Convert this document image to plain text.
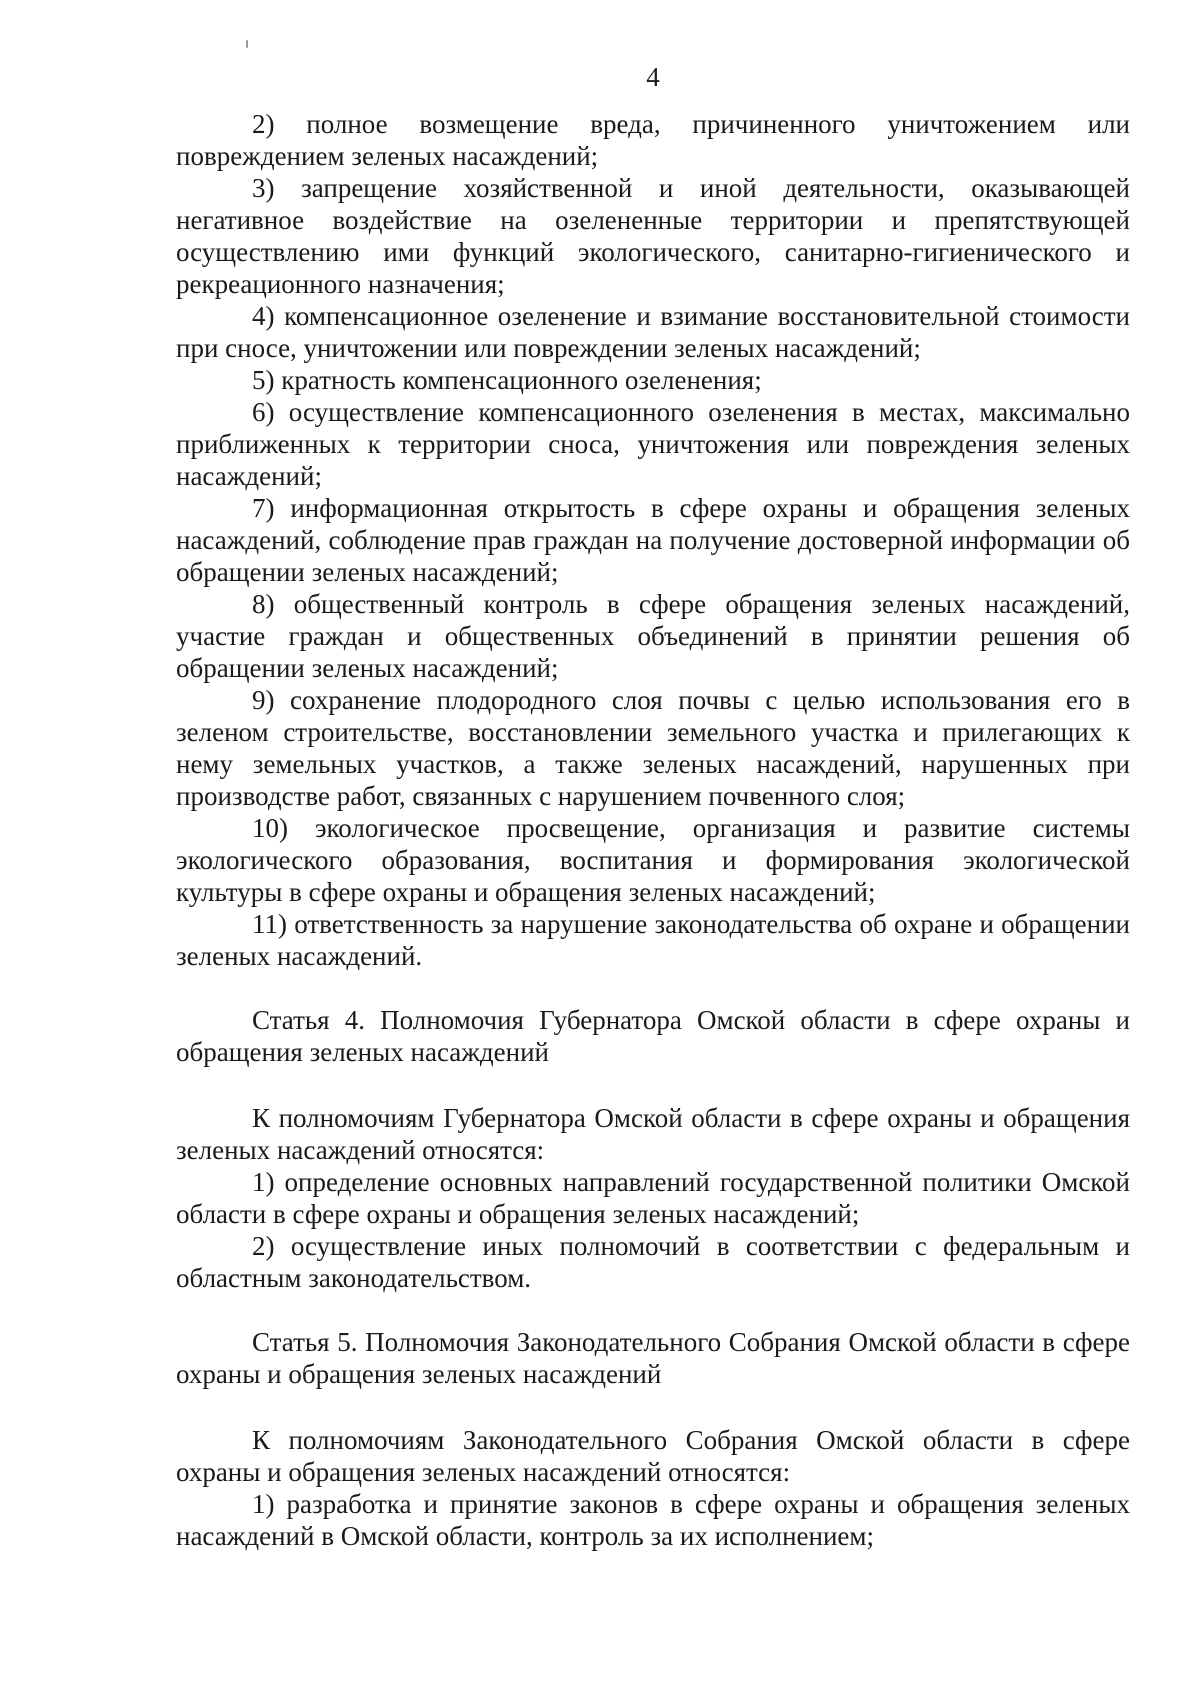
4

2) полное возмещение вреда, причиненного уничтожением или повреждением зеленых насаждений;

3) запрещение хозяйственной и иной деятельности, оказывающей негативное воздействие на озелененные территории и препятствующей осуществлению ими функций экологического, санитарно-гигиенического и рекреационного назначения;

4) компенсационное озеленение и взимание восстановительной стоимости при сносе, уничтожении или повреждении зеленых насаждений;

5) кратность компенсационного озеленения;

6) осуществление компенсационного озеленения в местах, максимально приближенных к территории сноса, уничтожения или повреждения зеленых насаждений;

7) информационная открытость в сфере охраны и обращения зеленых насаждений, соблюдение прав граждан на получение достоверной информации об обращении зеленых насаждений;

8) общественный контроль в сфере обращения зеленых насаждений, участие граждан и общественных объединений в принятии решения об обращении зеленых насаждений;

9) сохранение плодородного слоя почвы с целью использования его в зеленом строительстве, восстановлении земельного участка и прилегающих к нему земельных участков, а также зеленых насаждений, нарушенных при производстве работ, связанных с нарушением почвенного слоя;

10) экологическое просвещение, организация и развитие системы экологического образования, воспитания и формирования экологической культуры в сфере охраны и обращения зеленых насаждений;

11) ответственность за нарушение законодательства об охране и обращении зеленых насаждений.

Статья 4. Полномочия Губернатора Омской области в сфере охраны и обращения зеленых насаждений

К полномочиям Губернатора Омской области в сфере охраны и обращения зеленых насаждений относятся:

1) определение основных направлений государственной политики Омской области в сфере охраны и обращения зеленых насаждений;

2) осуществление иных полномочий в соответствии с федеральным и областным законодательством.

Статья 5. Полномочия Законодательного Собрания Омской области в сфере охраны и обращения зеленых насаждений

К полномочиям Законодательного Собрания Омской области в сфере охраны и обращения зеленых насаждений относятся:

1) разработка и принятие законов в сфере охраны и обращения зеленых насаждений в Омской области, контроль за их исполнением;
